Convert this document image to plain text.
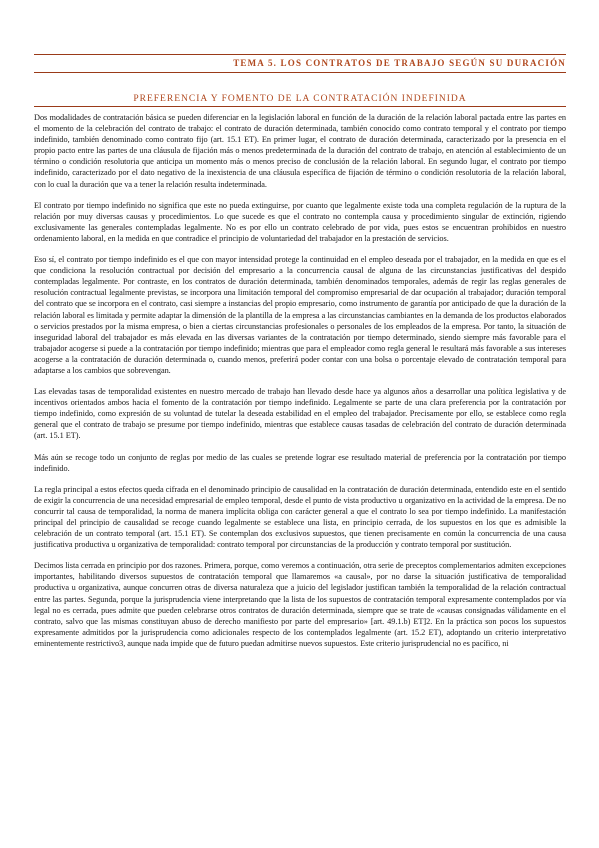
TEMA 5. LOS CONTRATOS DE TRABAJO SEGÚN SU DURACIÓN
PREFERENCIA Y FOMENTO DE LA CONTRATACIÓN INDEFINIDA

Dos modalidades de contratación básica se pueden diferenciar en la legislación laboral en función de la duración de la relación laboral pactada entre las partes en el momento de la celebración del contrato de trabajo: el contrato de duración determinada, también conocido como contrato temporal y el contrato por tiempo indefinido, también denominado como contrato fijo (art. 15.1 ET). En primer lugar, el contrato de duración determinada, caracterizado por la presencia en el propio pacto entre las partes de una cláusula de fijación más o menos predeterminada de la duración del contrato de trabajo, en atención al establecimiento de un término o condición resolutoria que anticipa un momento más o menos preciso de conclusión de la relación laboral. En segundo lugar, el contrato por tiempo indefinido, caracterizado por el dato negativo de la inexistencia de una cláusula específica de fijación de término o condición resolutoria de la relación laboral, con lo cual la duración que va a tener la relación resulta indeterminada.

El contrato por tiempo indefinido no significa que este no pueda extinguirse, por cuanto que legalmente existe toda una completa regulación de la ruptura de la relación por muy diversas causas y procedimientos. Lo que sucede es que el contrato no contempla causa y procedimiento singular de extinción, rigiendo exclusivamente las generales contempladas legalmente. No es por ello un contrato celebrado de por vida, pues estos se encuentran prohibidos en nuestro ordenamiento laboral, en la medida en que contradice el principio de voluntariedad del trabajador en la prestación de servicios.

Eso sí, el contrato por tiempo indefinido es el que con mayor intensidad protege la continuidad en el empleo deseada por el trabajador, en la medida en que es el que condiciona la resolución contractual por decisión del empresario a la concurrencia causal de alguna de las circunstancias justificativas del despido contempladas legalmente. Por contraste, en los contratos de duración determinada, también denominados temporales, además de regir las reglas generales de resolución contractual legalmente previstas, se incorpora una limitación temporal del compromiso empresarial de dar ocupación al trabajador; duración temporal del contrato que se incorpora en el contrato, casi siempre a instancias del propio empresario, como instrumento de garantía por anticipado de que la duración de la relación laboral es limitada y permite adaptar la dimensión de la plantilla de la empresa a las circunstancias cambiantes en la demanda de los productos elaborados o servicios prestados por la misma empresa, o bien a ciertas circunstancias profesionales o personales de los empleados de la empresa. Por tanto, la situación de inseguridad laboral del trabajador es más elevada en las diversas variantes de la contratación por tiempo determinado, siendo siempre más favorable para el trabajador acogerse si puede a la contratación por tiempo indefinido; mientras que para el empleador como regla general le resultará más favorable a sus intereses acogerse a la contratación de duración determinada o, cuando menos, preferirá poder contar con una bolsa o porcentaje elevado de contratación temporal para adaptarse a los cambios que sobrevengan.

Las elevadas tasas de temporalidad existentes en nuestro mercado de trabajo han llevado desde hace ya algunos años a desarrollar una política legislativa y de incentivos orientados ambos hacia el fomento de la contratación por tiempo indefinido. Legalmente se parte de una clara preferencia por la contratación por tiempo indefinido, como expresión de su voluntad de tutelar la deseada estabilidad en el empleo del trabajador. Precisamente por ello, se establece como regla general que el contrato de trabajo se presume por tiempo indefinido, mientras que establece causas tasadas de celebración del contrato de duración determinada (art. 15.1 ET).

Más aún se recoge todo un conjunto de reglas por medio de las cuales se pretende lograr ese resultado material de preferencia por la contratación por tiempo indefinido.

La regla principal a estos efectos queda cifrada en el denominado principio de causalidad en la contratación de duración determinada, entendido este en el sentido de exigir la concurrencia de una necesidad empresarial de empleo temporal, desde el punto de vista productivo u organizativo en la actividad de la empresa. De no concurrir tal causa de temporalidad, la norma de manera implícita obliga con carácter general a que el contrato lo sea por tiempo indefinido. La manifestación principal del principio de causalidad se recoge cuando legalmente se establece una lista, en principio cerrada, de los supuestos en los que es admisible la celebración de un contrato temporal (art. 15.1 ET). Se contemplan dos exclusivos supuestos, que tienen precisamente en común la concurrencia de una causa justificativa productiva u organizativa de temporalidad: contrato temporal por circunstancias de la producción y contrato temporal por sustitución.

Decimos lista cerrada en principio por dos razones. Primera, porque, como veremos a continuación, otra serie de preceptos complementarios admiten excepciones importantes, habilitando diversos supuestos de contratación temporal que llamaremos «a causal», por no darse la situación justificativa de temporalidad productiva u organizativa, aunque concurren otras de diversa naturaleza que a juicio del legislador justifican también la temporalidad de la relación contractual entre las partes. Segunda, porque la jurisprudencia viene interpretando que la lista de los supuestos de contratación temporal expresamente contemplados por vía legal no es cerrada, pues admite que pueden celebrarse otros contratos de duración determinada, siempre que se trate de «causas consignadas válidamente en el contrato, salvo que las mismas constituyan abuso de derecho manifiesto por parte del empresario» [art. 49.1.b) ET]2. En la práctica son pocos los supuestos expresamente admitidos por la jurisprudencia como adicionales respecto de los contemplados legalmente (art. 15.2 ET), adoptando un criterio interpretativo eminentemente restrictivo3, aunque nada impide que de futuro puedan admitirse nuevos supuestos. Este criterio jurisprudencial no es pacífico, ni
